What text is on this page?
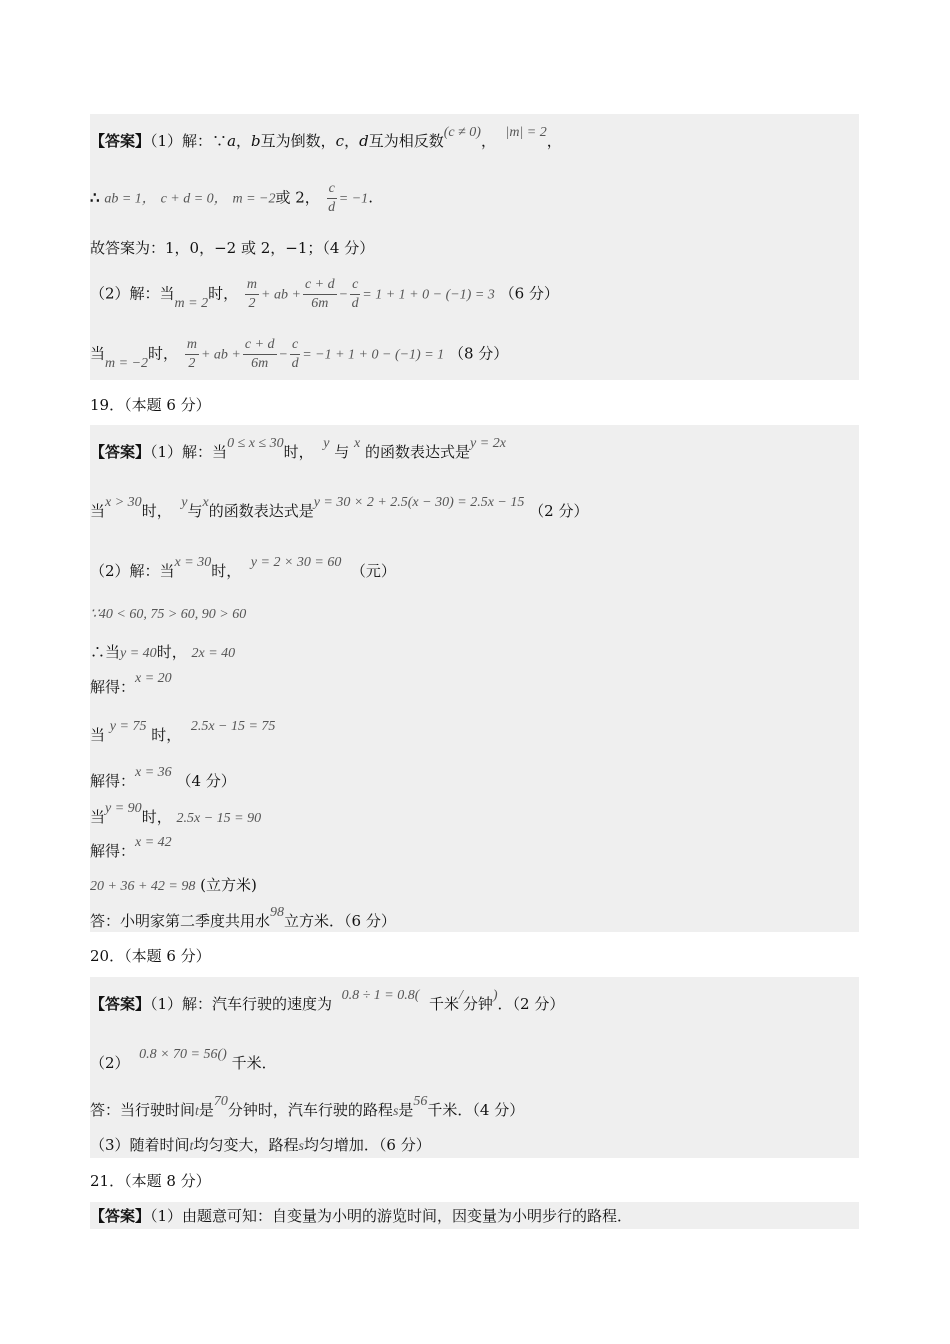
【答案】（1）解：∵a，b互为倒数，c，d互为相反数(c ≠ 0)， |m| = 2，
∴ ab = 1， c + d = 0， m = −2或 2， $\frac{c}{d} = -1$.
故答案为：1，0，−2 或 2，−1；（4 分）
（2）解：当m = 2时， $\frac{m}{2}$ + ab + $\frac{c + d}{6m} - \frac{c}{d} = 1 + 1 + 0 - (-1) = 3$ （6 分）
当m = −2时， $\frac{m}{2}$ + ab + $\frac{c + d}{6m} - \frac{c}{d} = -1 + 1 + 0 - (-1) = 1$ （8 分）
19．（本题 6 分）
【答案】（1）解：当0 ≤ x ≤ 30时， y 与 x 的函数表达式是y = 2x
当x > 30时， y与x的函数表达式是y = 30 × 2 + 2.5(x − 30) = 2.5x − 15 （2 分）
（2）解：当x = 30时， y = 2 × 30 = 60 （元）
∵40 < 60, 75 > 60, 90 > 60
∴当y = 40时， 2x = 40
解得：x = 20
当 y = 75 时， 2.5x − 15 = 75
解得：x = 36 （4 分）
当y = 90时， 2.5x − 15 = 90
解得：x = 42
20 + 36 + 42 = 98 (立方米)
答：小明家第二季度共用水98立方米．（6 分）
20．（本题 6 分）
【答案】（1）解：汽车行驶的速度为 0.8 ÷ 1 = 0.8( 千米/分钟)．（2 分）
（2） 0.8 × 70 = 56() 千米．
答：当行驶时间t是70分钟时，汽车行驶的路程s是56千米．（4 分）
（3）随着时间t均匀变大，路程s均匀增加．（6 分）
21．（本题 8 分）
【答案】（1）由题意可知：自变量为小明的游览时间，因变量为小明步行的路程．
